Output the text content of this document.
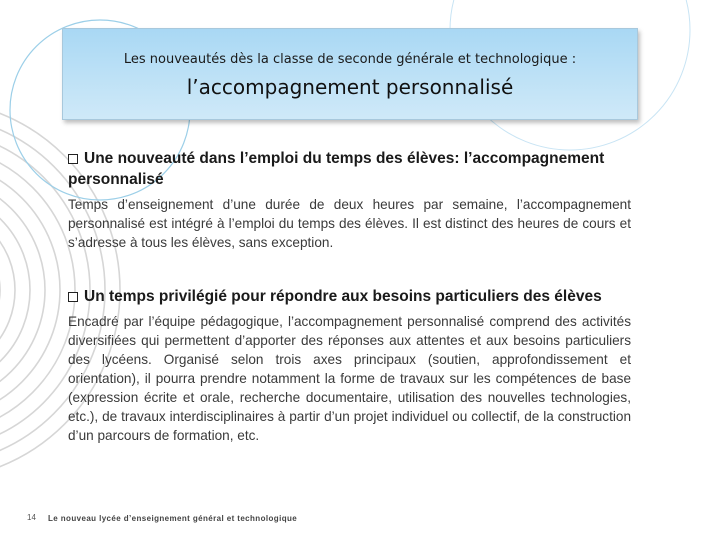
Les nouveautés dès la classe de seconde générale et technologique :
l’accompagnement personnalisé
Une nouveauté dans l’emploi du temps des élèves: l’accompagnement personnalisé
Temps d’enseignement d’une durée de deux heures par semaine, l’accompagnement personnalisé est intégré à l’emploi du temps des élèves. Il est distinct des heures de cours et s’adresse à tous les élèves, sans exception.
Un temps privilégié pour répondre aux besoins particuliers des élèves
Encadré par l’équipe pédagogique, l’accompagnement personnalisé comprend des activités diversifiées qui permettent d’apporter des réponses aux attentes et aux besoins particuliers des lycéens. Organisé selon trois axes principaux (soutien, approfondissement et orientation), il pourra prendre notamment la forme de travaux sur les compétences de base (expression écrite et orale, recherche documentaire, utilisation des nouvelles technologies, etc.), de travaux interdisciplinaires à partir d’un projet individuel ou collectif, de la construction d’un parcours de formation, etc.
14 Le nouveau lycée d’enseignement général et technologique
